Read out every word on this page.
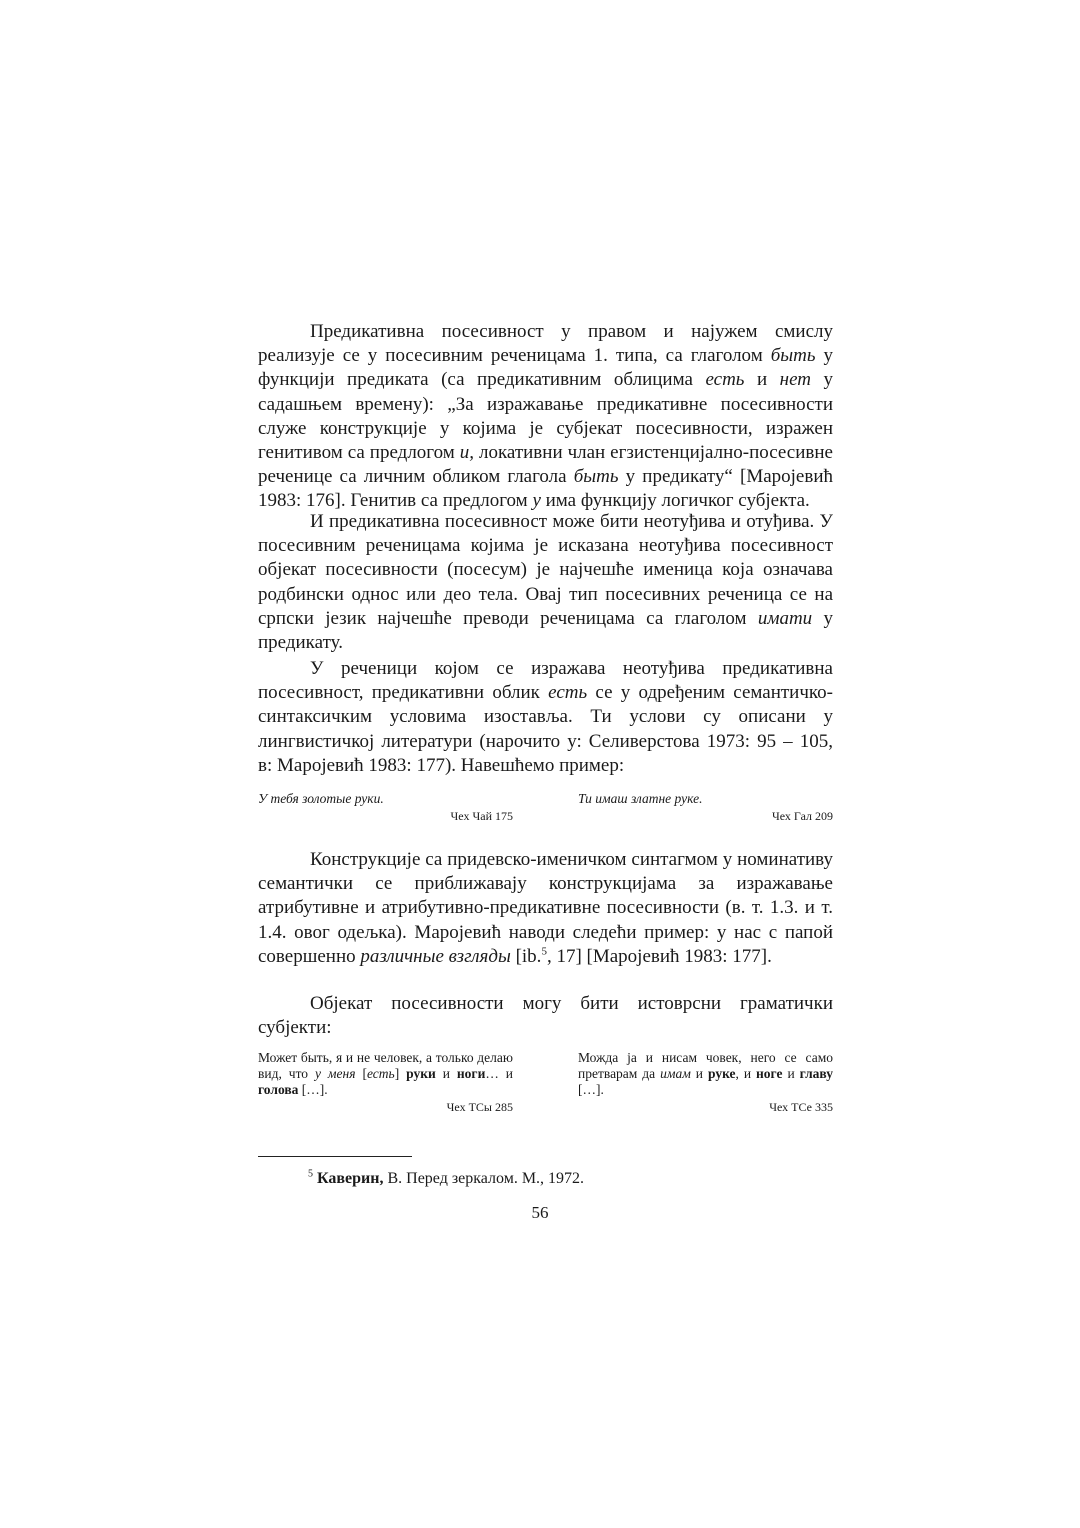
Предикативна посесивност у правом и најужем смислу реализује се у посесивним реченицама 1. типа, са глаголом быть у функцији предиката (са предикативним облицима есть и нет у садашњем времену): „За изражавање предикативне посесивности служе конструкције у којима је субјекат посесивности, изражен генитивом са предлогом и, локативни члан егзистенцијално-посесивне реченице са личним обликом глагола быть у предикату“ [Маројевић 1983: 176]. Генитив са предлогом у има функцију логичког субјекта.

И предикативна посесивност може бити неотуђива и отуђива. У посесивним реченицама којима је исказана неотуђива посесивност објекат посесивности (посесум) је најчешће именица која означава родбински однос или део тела. Овај тип посесивних реченица се на српски језик најчешће преводи реченицама са глаголом имати у предикату.

У реченици којом се изражава неотуђива предикативна посесивност, предикативни облик есть се у одређеним семантичко-синтаксичким условима изоставља. Ти услови су описани у лингвистичкој литератури (нарочито у: Селиверстова 1973: 95 – 105, в: Маројевић 1983: 177). Навешћемо пример:

У тебя золотые руки.

Чех Чай 175

Ти имаш златне руке.

Чех Гал 209

Конструкције са придевско-именичком синтагмом у номинативу семантички се приближавају конструкцијама за изражавање атрибутивне и атрибутивно-предикативне посесивности (в. т. 1.3. и т. 1.4. овог одељка). Маројевић наводи следећи пример: у нас с папой совершенно различные взгляды [ib.$^5$, 17] [Маројевић 1983: 177].

Објекат посесивности могу бити истоврсни граматички субјекти:

Может быть, я и не человек, а только делаю вид, что у меня [есть] руки и ноги… и голова […].

Чех ТСы 285

Можда ја и нисам човек, него се само претварам да имам и руке, и ноге и главу […].

Чех ТСе 335
$^5$ Каверин, В. Перед зеркалом. М., 1972.
56
